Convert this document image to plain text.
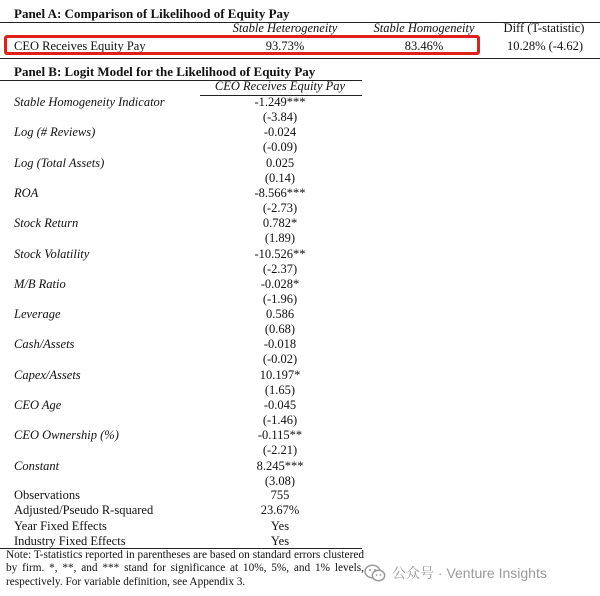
Panel A: Comparison of Likelihood of Equity Pay
Stable Heterogeneity	Stable Homogeneity	Diff (T-statistic)
CEO Receives Equity Pay	93.73%	83.46%	10.28% (-4.62)
Panel B: Logit Model for the Likelihood of Equity Pay
CEO Receives Equity Pay
Stable Homogeneity Indicator	-1.249***
(-3.84)
Log (# Reviews)	-0.024
(-0.09)
Log (Total Assets)	0.025
(0.14)
ROA	-8.566***
(-2.73)
Stock Return	0.782*
(1.89)
Stock Volatility	-10.526**
(-2.37)
M/B Ratio	-0.028*
(-1.96)
Leverage	0.586
(0.68)
Cash/Assets	-0.018
(-0.02)
Capex/Assets	10.197*
(1.65)
CEO Age	-0.045
(-1.46)
CEO Ownership (%)	-0.115**
(-2.21)
Constant	8.245***
(3.08)
Observations	755
Adjusted/Pseudo R-squared	23.67%
Year Fixed Effects	Yes
Industry Fixed Effects	Yes
Note: T-statistics reported in parentheses are based on standard errors clustered by firm. *, **, and *** stand for significance at 10%, 5%, and 1% levels, respectively. For variable definition, see Appendix 3.
公众号 · Venture Insights
